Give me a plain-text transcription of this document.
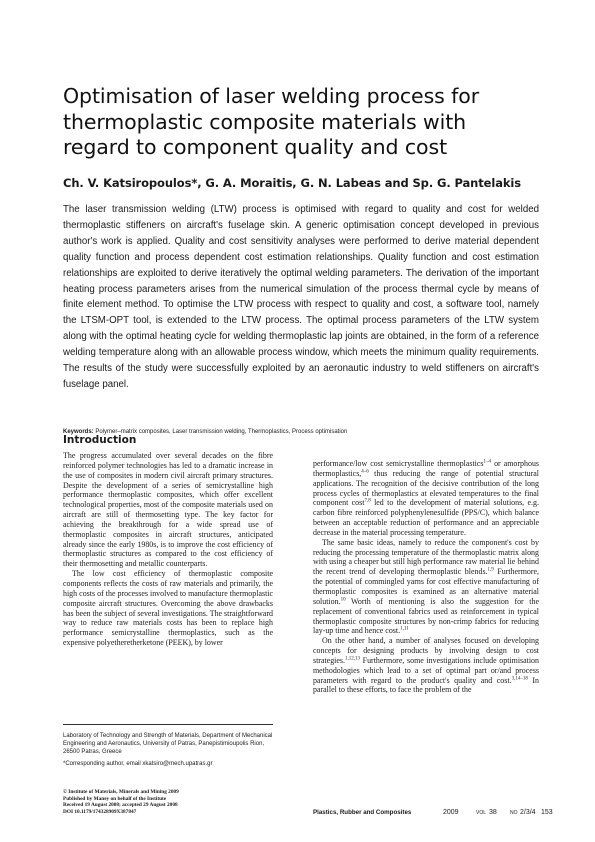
Optimisation of laser welding process for thermoplastic composite materials with regard to component quality and cost

Ch. V. Katsiropoulos*, G. A. Moraitis, G. N. Labeas and Sp. G. Pantelakis

The laser transmission welding (LTW) process is optimised with regard to quality and cost for welded thermoplastic stiffeners on aircraft's fuselage skin. A generic optimisation concept developed in previous author's work is applied. Quality and cost sensitivity analyses were performed to derive material dependent quality function and process dependent cost estimation relationships. Quality function and cost estimation relationships are exploited to derive iteratively the optimal welding parameters. The derivation of the important heating process parameters arises from the numerical simulation of the process thermal cycle by means of finite element method. To optimise the LTW process with respect to quality and cost, a software tool, namely the LTSM-OPT tool, is extended to the LTW process. The optimal process parameters of the LTW system along with the optimal heating cycle for welding thermoplastic lap joints are obtained, in the form of a reference welding temperature along with an allowable process window, which meets the minimum quality requirements. The results of the study were successfully exploited by an aeronautic industry to weld stiffeners on aircraft's fuselage panel.

Keywords: Polymer–matrix composites, Laser transmission welding, Thermoplastics, Process optimisation

Introduction

The progress accumulated over several decades on the fibre reinforced polymer technologies has led to a dramatic increase in the use of composites in modern civil aircraft primary structures. Despite the development of a series of semicrystalline high performance thermoplastic composites, which offer excellent technological properties, most of the composite materials used on aircraft are still of thermosetting type. The key factor for achieving the breakthrough for a wide spread use of thermoplastic composites in aircraft structures, anticipated already since the early 1980s, is to improve the cost efficiency of thermoplastic structures as compared to the cost efficiency of their thermosetting and metallic counterparts.

The low cost efficiency of thermoplastic composite components reflects the costs of raw materials and primarily, the high costs of the processes involved to manufacture thermoplastic composite aircraft structures. Overcoming the above drawbacks has been the subject of several investigations. The straightforward way to reduce raw materials costs has been to replace high performance semicrystalline thermoplastics, such as the expensive polyetheretherketone (PEEK), by lower

performance/low cost semicrystalline thermoplastics$^{1-4}$ or amorphous thermoplastics,$^{4-6}$ thus reducing the range of potential structural applications. The recognition of the decisive contribution of the long process cycles of thermoplastics at elevated temperatures to the final component cost$^{7,8}$ led to the development of material solutions, e.g. carbon fibre reinforced polyphenylenesulfide (PPS/C), which balance between an acceptable reduction of performance and an appreciable decrease in the material processing temperature.

The same basic ideas, namely to reduce the component's cost by reducing the processing temperature of the thermoplastic matrix along with using a cheaper but still high performance raw material lie behind the recent trend of developing thermoplastic blends.$^{1,9}$ Furthermore, the potential of commingled yarns for cost effective manufacturing of thermoplastic composites is examined as an alternative material solution.$^{10}$ Worth of mentioning is also the suggestion for the replacement of conventional fabrics used as reinforcement in typical thermoplastic composite structures by non-crimp fabrics for reducing lay-up time and hence cost.$^{1,11}$

On the other hand, a number of analyses focused on developing concepts for designing products by involving design to cost strategies.$^{1,12,13}$ Furthermore, some investigations include optimisation methodologies which lead to a set of optimal part or/and process parameters with regard to the product's quality and cost.$^{3,14-18}$ In parallel to these efforts, to face the problem of the

Laboratory of Technology and Strength of Materials, Department of Mechanical Engineering and Aeronautics, University of Patras, Panepistimioupolis Rion, 26500 Patras, Greece

*Corresponding author, email xkatsiro@mech.upatras.gr

© Institute of Materials, Minerals and Mining 2009
Published by Maney on behalf of the Institute
Received 19 August 2008; accepted 29 August 2008
DOI 10.1179/174328909X387847	Plastics, Rubber and Composites	2009	VOL 38	NO 2/3/4 153
